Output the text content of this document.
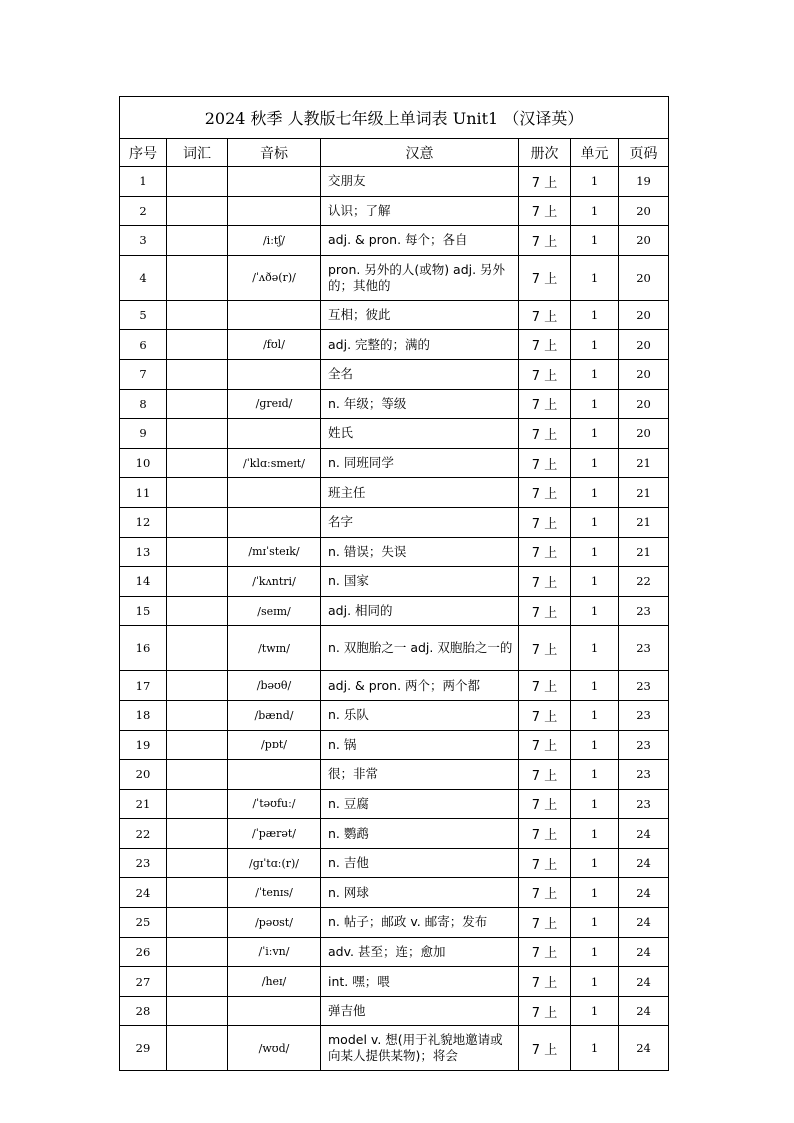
2024 秋季 人教版七年级上单词表 Unit1 （汉译英）						
序号	词汇	音标	汉意	册次	单元	页码
1			交朋友	7 上	1	19
2			认识；了解	7 上	1	20
3		/iːtʃ/	adj. & pron. 每个；各自	7 上	1	20
4		/ˈʌðə(r)/	pron. 另外的人(或物) adj. 另外的；其他的	7 上	1	20
5			互相；彼此	7 上	1	20
6		/fʊl/	adj. 完整的；满的	7 上	1	20
7			全名	7 上	1	20
8		/ɡreɪd/	n. 年级；等级	7 上	1	20
9			姓氏	7 上	1	20
10		/ˈklɑːsmeɪt/	n. 同班同学	7 上	1	21
11			班主任	7 上	1	21
12			名字	7 上	1	21
13		/mɪˈsteɪk/	n. 错误；失误	7 上	1	21
14		/ˈkʌntri/	n. 国家	7 上	1	22
15		/seɪm/	adj. 相同的	7 上	1	23
16		/twɪn/	n. 双胞胎之一 adj. 双胞胎之一的	7 上	1	23
17		/bəʊθ/	adj. & pron. 两个；两个都	7 上	1	23
18		/bænd/	n. 乐队	7 上	1	23
19		/pɒt/	n. 锅	7 上	1	23
20			很；非常	7 上	1	23
21		/ˈtəʊfuː/	n. 豆腐	7 上	1	23
22		/ˈpærət/	n. 鹦鹉	7 上	1	24
23		/ɡɪˈtɑː(r)/	n. 吉他	7 上	1	24
24		/ˈtenɪs/	n. 网球	7 上	1	24
25		/pəʊst/	n. 帖子；邮政 v. 邮寄；发布	7 上	1	24
26		/ˈiːvn/	adv. 甚至；连；愈加	7 上	1	24
27		/heɪ/	int. 嘿；喂	7 上	1	24
28			弹吉他	7 上	1	24
29		/wʊd/	model v. 想(用于礼貌地邀请或向某人提供某物)；将会	7 上	1	24
